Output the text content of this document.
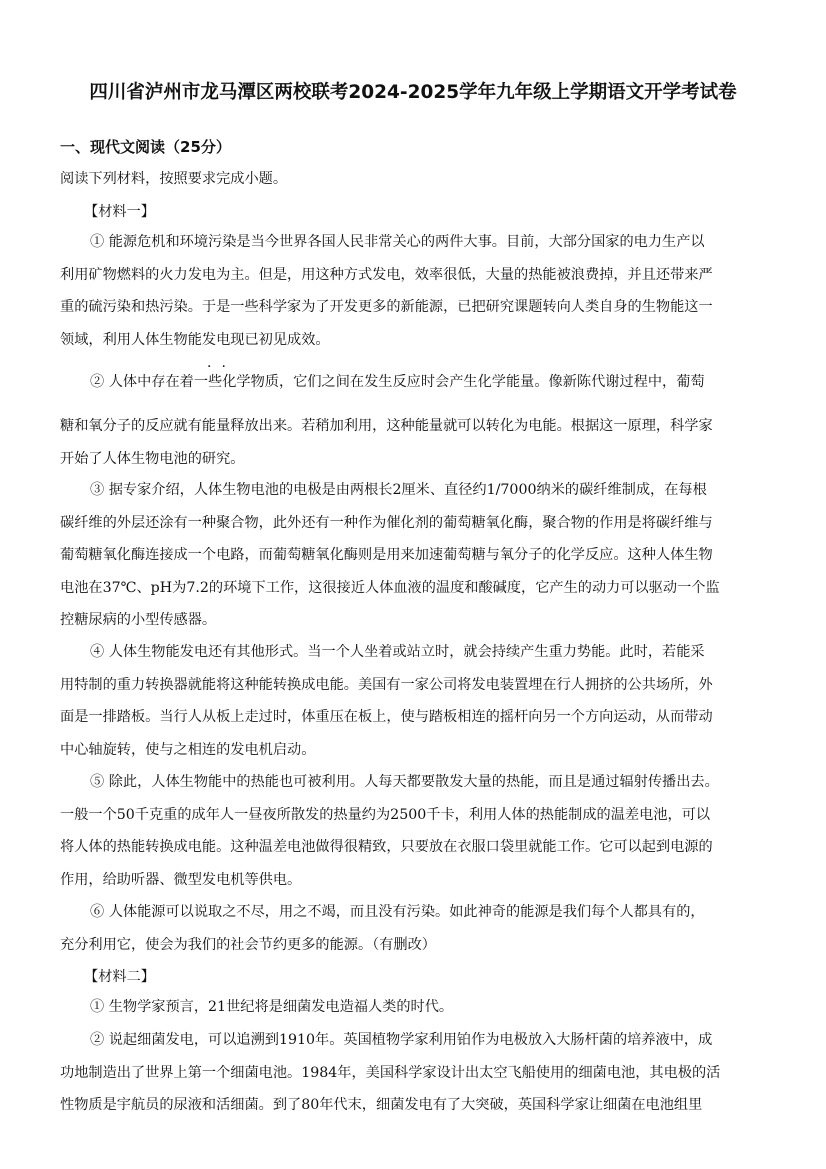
四川省泸州市龙马潭区两校联考2024-2025学年九年级上学期语文开学考试卷
一、现代文阅读（25分）
阅读下列材料，按照要求完成小题。
【材料一】
① 能源危机和环境污染是当今世界各国人民非常关心的两件大事。目前，大部分国家的电力生产以
利用矿物燃料的火力发电为主。但是，用这种方式发电，效率很低，大量的热能被浪费掉，并且还带来严
重的硫污染和热污染。于是一些科学家为了开发更多的新能源，已把研究课题转向人类自身的生物能这一
领域，利用人体生物能发电现已初见成效。
② 人体中存在着一些化学物质，它们之间在发生反应时会产生化学能量。像新陈代谢过程中，葡萄
糖和氧分子的反应就有能量释放出来。若稍加利用，这种能量就可以转化为电能。根据这一原理，科学家
开始了人体生物电池的研究。
··
③ 据专家介绍，人体生物电池的电极是由两根长2厘米、直径约1/7000纳米的碳纤维制成，在每根
碳纤维的外层还涂有一种聚合物，此外还有一种作为催化剂的葡萄糖氧化酶，聚合物的作用是将碳纤维与
葡萄糖氧化酶连接成一个电路，而葡萄糖氧化酶则是用来加速葡萄糖与氧分子的化学反应。这种人体生物
电池在37℃、pH为7.2的环境下工作，这很接近人体血液的温度和酸碱度，它产生的动力可以驱动一个监
控糖尿病的小型传感器。
④ 人体生物能发电还有其他形式。当一个人坐着或站立时，就会持续产生重力势能。此时，若能采
用特制的重力转换器就能将这种能转换成电能。美国有一家公司将发电装置埋在行人拥挤的公共场所，外
面是一排踏板。当行人从板上走过时，体重压在板上，使与踏板相连的摇杆向另一个方向运动，从而带动
中心轴旋转，使与之相连的发电机启动。
⑤ 除此，人体生物能中的热能也可被利用。人每天都要散发大量的热能，而且是通过辐射传播出去。
一般一个50千克重的成年人一昼夜所散发的热量约为2500千卡，利用人体的热能制成的温差电池，可以
将人体的热能转换成电能。这种温差电池做得很精致，只要放在衣服口袋里就能工作。它可以起到电源的
作用，给助听器、微型发电机等供电。
⑥ 人体能源可以说取之不尽，用之不竭，而且没有污染。如此神奇的能源是我们每个人都具有的，
充分利用它，使会为我们的社会节约更多的能源。（有删改）
【材料二】
① 生物学家预言，21世纪将是细菌发电造福人类的时代。
② 说起细菌发电，可以追溯到1910年。英国植物学家利用铂作为电极放入大肠杆菌的培养液中，成
功地制造出了世界上第一个细菌电池。1984年，美国科学家设计出太空飞船使用的细菌电池，其电极的活
性物质是宇航员的尿液和活细菌。到了80年代末，细菌发电有了大突破，英国科学家让细菌在电池组里
